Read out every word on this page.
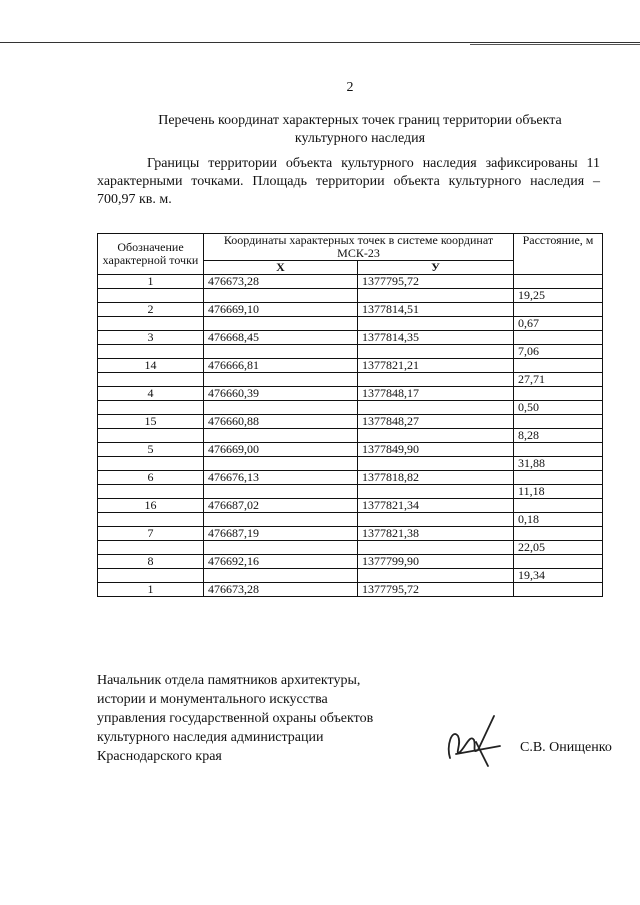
2
Перечень координат характерных точек границ территории объекта
культурного наследия
Границы территории объекта культурного наследия зафиксированы 11 характерными точками. Площадь территории объекта культурного наследия – 700,97 кв. м.
Обозначение характерной точки	Координаты характерных точек в системе координат МСК-23		Расстояние, м
	X	У	
1	476673,28	1377795,72	
			19,25
2	476669,10	1377814,51	
			0,67
3	476668,45	1377814,35	
			7,06
14	476666,81	1377821,21	
			27,71
4	476660,39	1377848,17	
			0,50
15	476660,88	1377848,27	
			8,28
5	476669,00	1377849,90	
			31,88
6	476676,13	1377818,82	
			11,18
16	476687,02	1377821,34	
			0,18
7	476687,19	1377821,38	
			22,05
8	476692,16	1377799,90	
			19,34
1	476673,28	1377795,72	
Начальник отдела памятников архитектуры,
истории и монументального искусства
управления государственной охраны объектов
культурного наследия администрации
Краснодарского края
С.В. Онищенко
